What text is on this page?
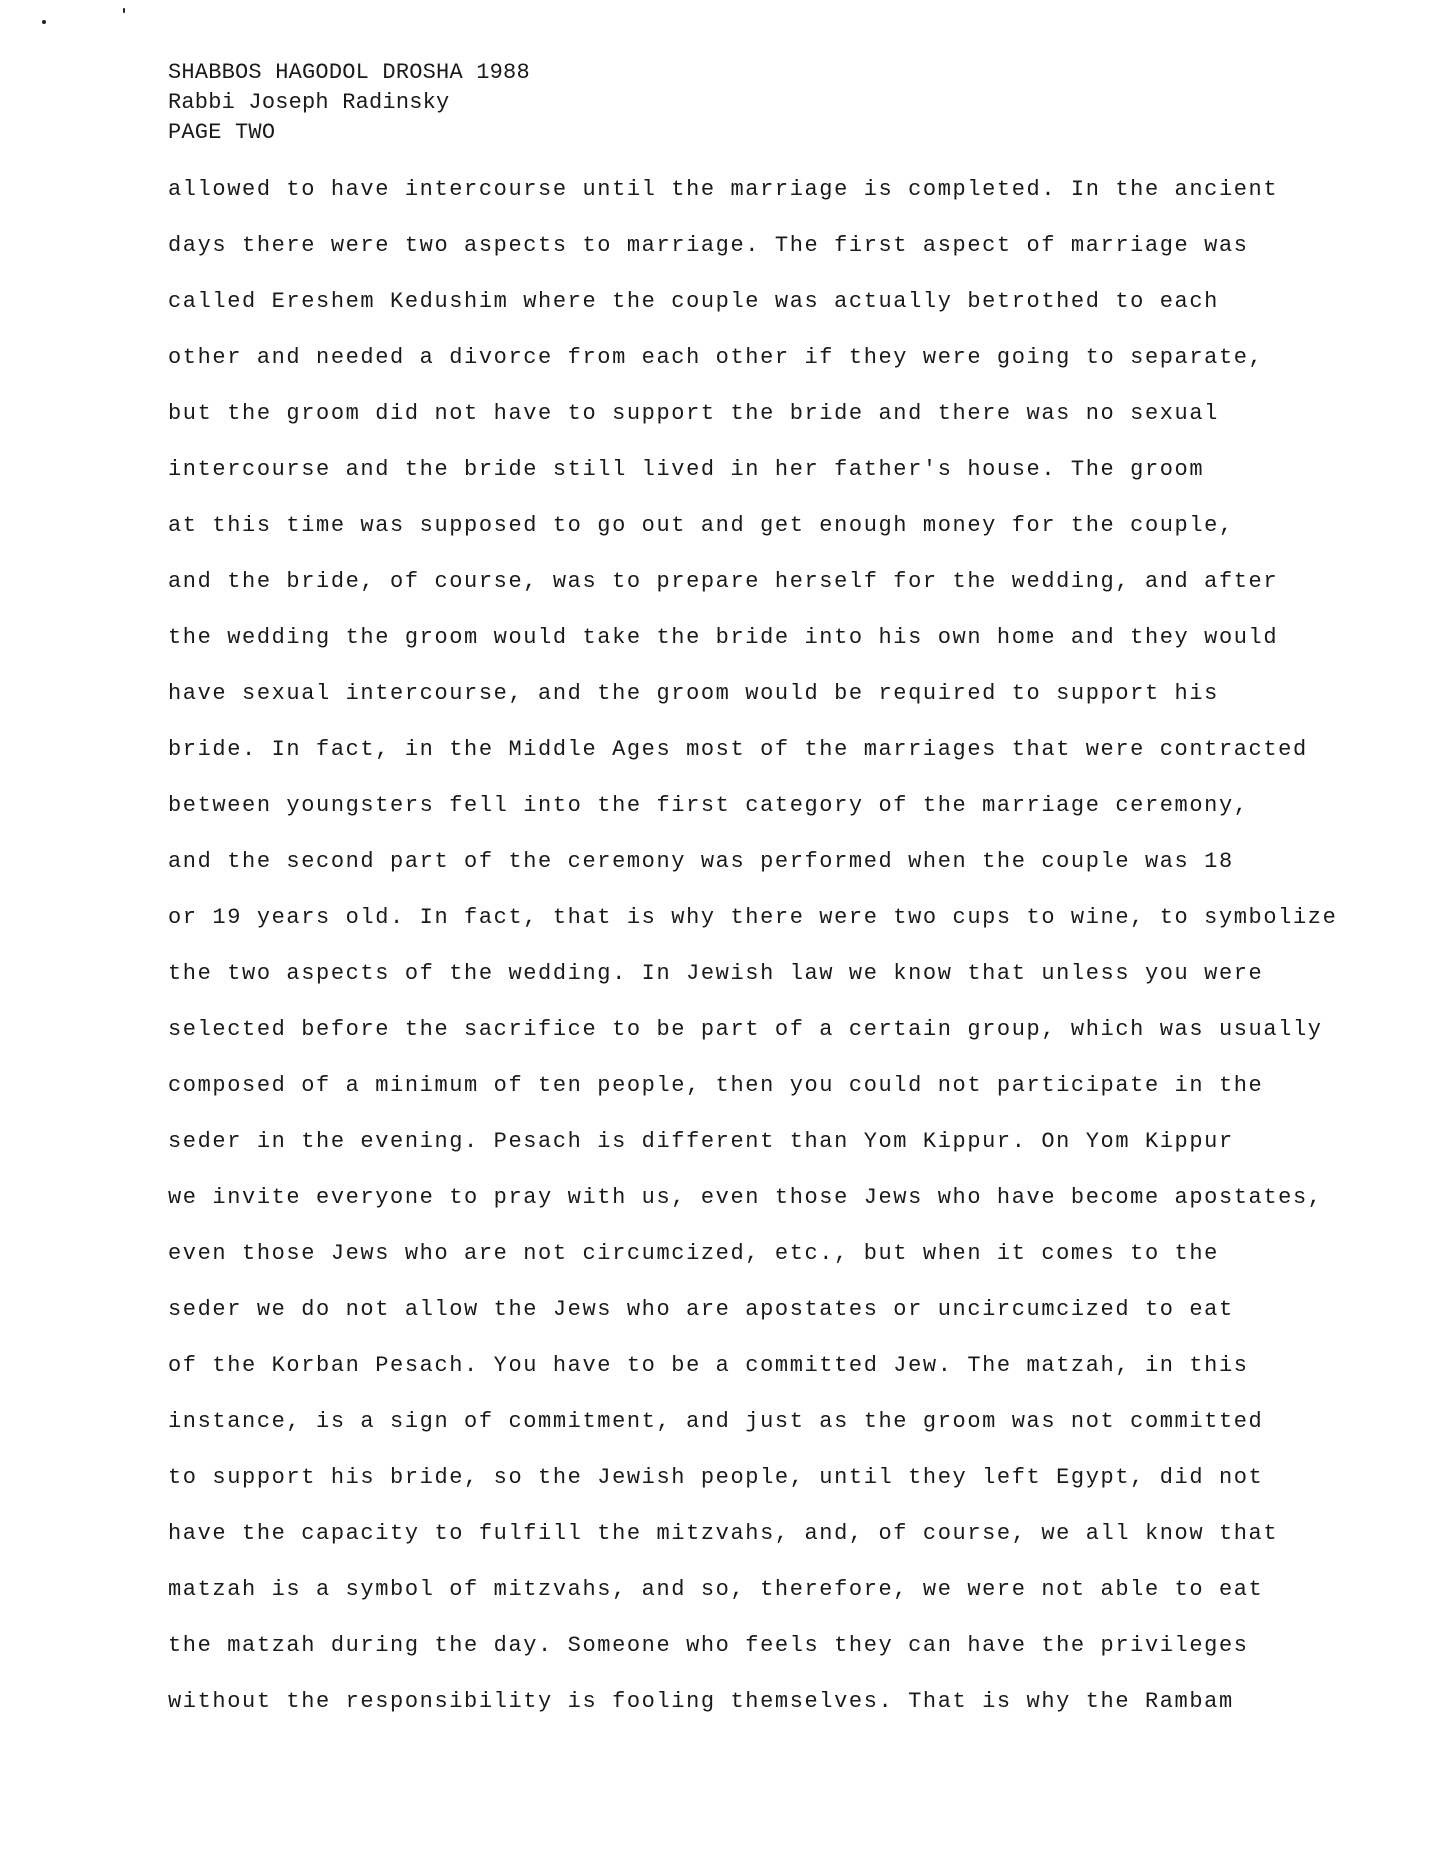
SHABBOS HAGODOL DROSHA 1988
Rabbi Joseph Radinsky
PAGE TWO
allowed to have intercourse until the marriage is completed. In the ancient
days there were two aspects to marriage. The first aspect of marriage was
called Ereshem Kedushim where the couple was actually betrothed to each
other and needed a divorce from each other if they were going to separate,
but the groom did not have to support the bride and there was no sexual
intercourse and the bride still lived in her father's house. The groom
at this time was supposed to go out and get enough money for the couple,
and the bride, of course, was to prepare herself for the wedding, and after
the wedding the groom would take the bride into his own home and they would
have sexual intercourse, and the groom would be required to support his
bride. In fact, in the Middle Ages most of the marriages that were contracted
between youngsters fell into the first category of the marriage ceremony,
and the second part of the ceremony was performed when the couple was 18
or 19 years old. In fact, that is why there were two cups to wine, to symbolize
the two aspects of the wedding. In Jewish law we know that unless you were
selected before the sacrifice to be part of a certain group, which was usually
composed of a minimum of ten people, then you could not participate in the
seder in the evening. Pesach is different than Yom Kippur. On Yom Kippur
we invite everyone to pray with us, even those Jews who have become apostates,
even those Jews who are not circumcized, etc., but when it comes to the
seder we do not allow the Jews who are apostates or uncircumcized to eat
of the Korban Pesach. You have to be a committed Jew. The matzah, in this
instance, is a sign of commitment, and just as the groom was not committed
to support his bride, so the Jewish people, until they left Egypt, did not
have the capacity to fulfill the mitzvahs, and, of course, we all know that
matzah is a symbol of mitzvahs, and so, therefore, we were not able to eat
the matzah during the day. Someone who feels they can have the privileges
without the responsibility is fooling themselves. That is why the Rambam
